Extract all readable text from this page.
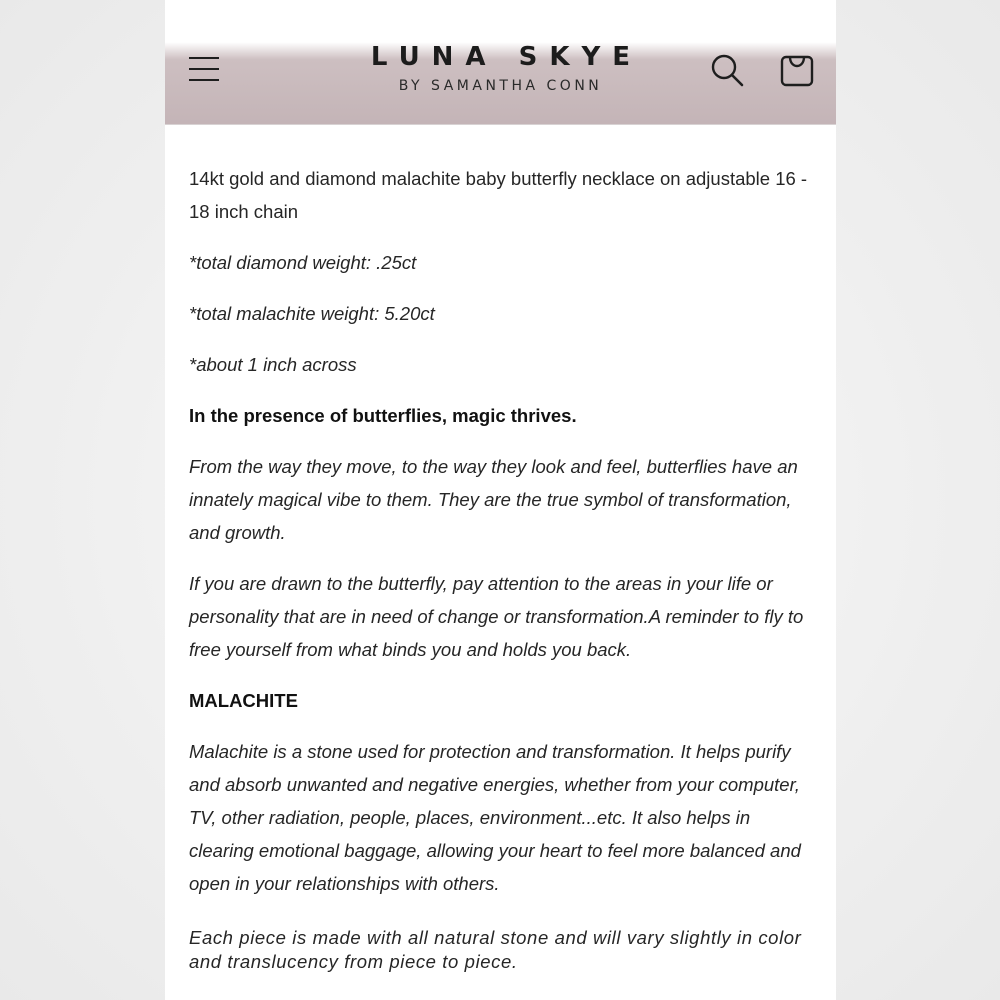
LUNA SKYE
BY SAMANTHA CONN

14kt gold and diamond malachite baby butterfly necklace on adjustable 16 - 18 inch chain

*total diamond weight: .25ct

*total malachite weight: 5.20ct

*about 1 inch across

In the presence of butterflies, magic thrives.

From the way they move, to the way they look and feel, butterflies have an innately magical vibe to them. They are the true symbol of transformation, and growth.

If you are drawn to the butterfly, pay attention to the areas in your life or personality that are in need of change or transformation.A reminder to fly to free yourself from what binds you and holds you back.

MALACHITE

Malachite is a stone used for protection and transformation. It helps purify and absorb unwanted and negative energies, whether from your computer, TV, other radiation, people, places, environment...etc. It also helps in clearing emotional baggage, allowing your heart to feel more balanced and open in your relationships with others.

Each piece is made with all natural stone and will vary slightly in color and translucency from piece to piece.
